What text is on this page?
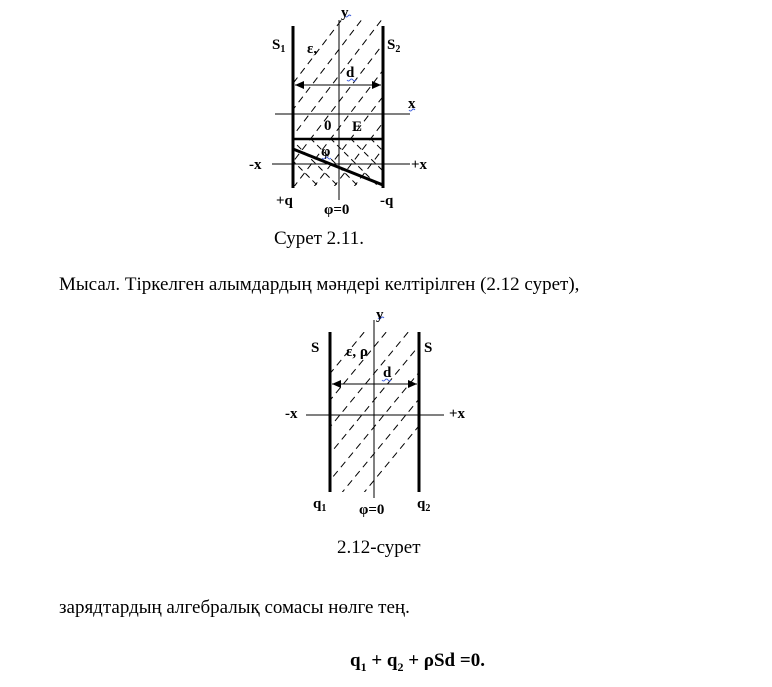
y
$S_1$	$S_2$
ε,
d
x
0 E
φ
-x	+x
+q	-q
φ=0
y
S	S
ε, ρ
d
-x	+x
$q_1$	$q_2$
φ=0
Сурет 2.11.
Мысал. Тіркелген алымдардың мәндері келтірілген (2.12 сурет),
2.12-сурет
зарядтардың алгебралық сомасы нөлге тең.
$q_1 + q_2 + \rho Sd =0$.
